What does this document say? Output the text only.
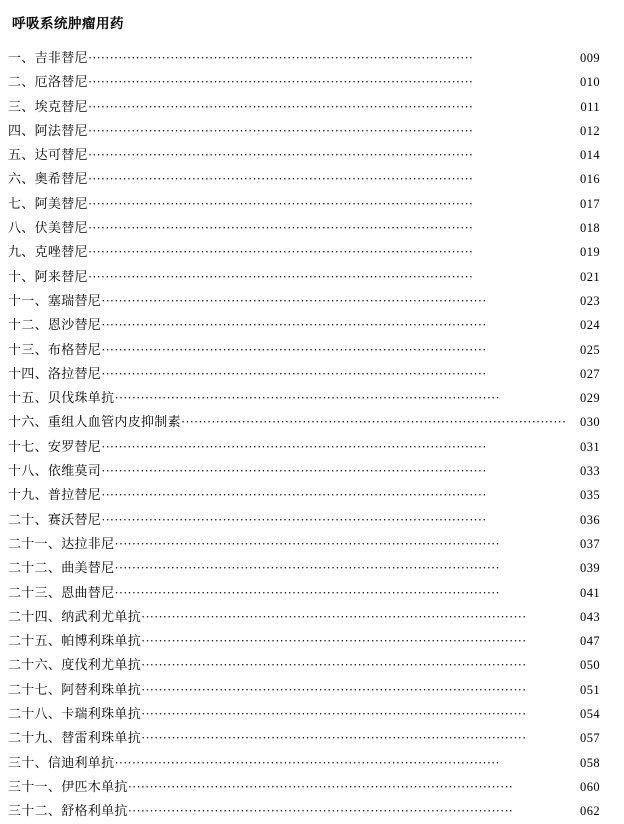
呼吸系统肿瘤用药
一、吉非替尼 ·························································································	009
二、厄洛替尼 ·························································································	010
三、埃克替尼 ·························································································	011
四、阿法替尼 ·························································································	012
五、达可替尼 ·························································································	014
六、奥希替尼 ·························································································	016
七、阿美替尼 ·························································································	017
八、伏美替尼 ·························································································	018
九、克唑替尼 ·························································································	019
十、阿来替尼 ·························································································	021
十一、塞瑞替尼 ·························································································	023
十二、恩沙替尼 ·························································································	024
十三、布格替尼 ·························································································	025
十四、洛拉替尼 ·························································································	027
十五、贝伐珠单抗 ·························································································	029
十六、重组人血管内皮抑制素 ·························································································	030
十七、安罗替尼 ·························································································	031
十八、依维莫司 ·························································································	033
十九、普拉替尼 ·························································································	035
二十、赛沃替尼 ·························································································	036
二十一、达拉非尼 ·························································································	037
二十二、曲美替尼 ·························································································	039
二十三、恩曲替尼 ·························································································	041
二十四、纳武利尤单抗 ·························································································	043
二十五、帕博利珠单抗 ·························································································	047
二十六、度伐利尤单抗 ·························································································	050
二十七、阿替利珠单抗 ·························································································	051
二十八、卡瑞利珠单抗 ·························································································	054
二十九、替雷利珠单抗 ·························································································	057
三十、信迪利单抗 ·························································································	058
三十一、伊匹木单抗 ·························································································	060
三十二、舒格利单抗 ·························································································	062
